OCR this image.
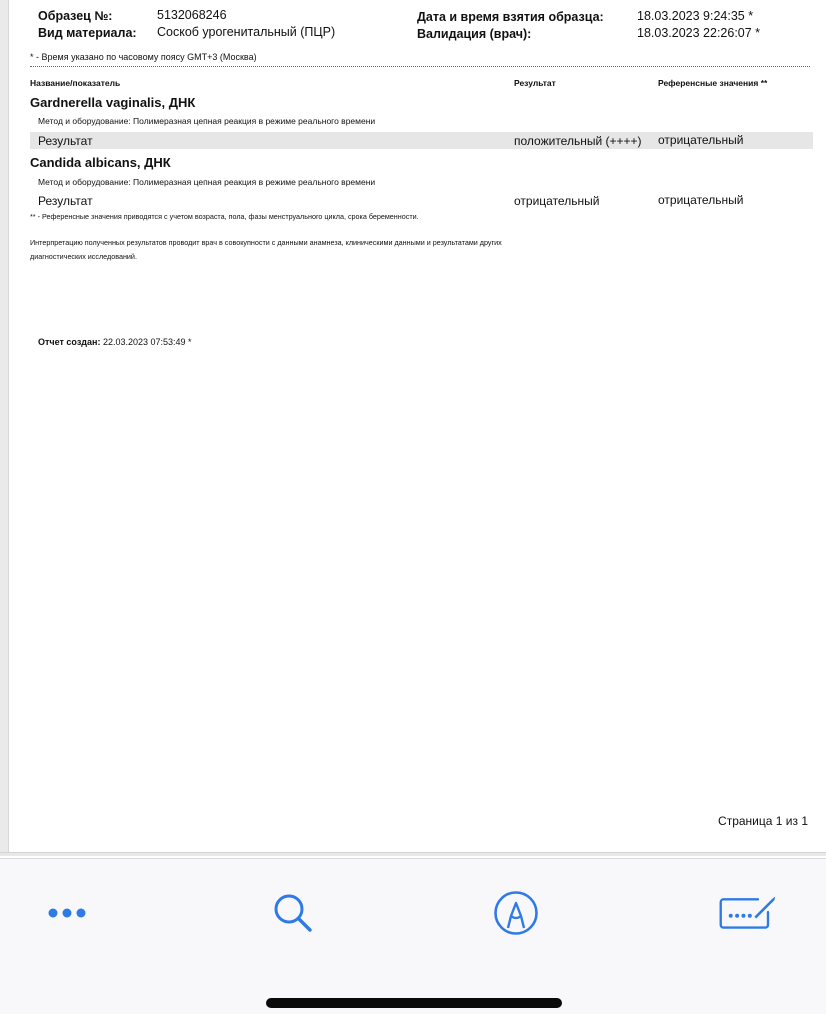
Образец №:	5132068246
Вид материала: Соскоб урогенитальный (ПЦР)
Дата и время взятия образца:	18.03.2023 9:24:35 *
Валидация (врач):	18.03.2023 22:26:07 *
* - Время указано по часовому поясу GMT+3 (Москва)
Название/показатель	Результат	Референсные значения **
Gardnerella vaginalis, ДНК
Метод и оборудование: Полимеразная цепная реакция в режиме реального времени
Результат	положительный (++++) отрицательный
Candida albicans, ДНК
Метод и оборудование: Полимеразная цепная реакция в режиме реального времени
Результат	отрицательный	отрицательный
** - Референсные значения приводятся с учетом возраста, пола, фазы менструального цикла, срока беременности.
Интерпретацию полученных результатов проводит врач в совокупности с данными анамнеза, клиническими данными и результатами других
диагностических исследований.
Отчет создан: 22.03.2023 07:53:49 *
Страница 1 из 1
